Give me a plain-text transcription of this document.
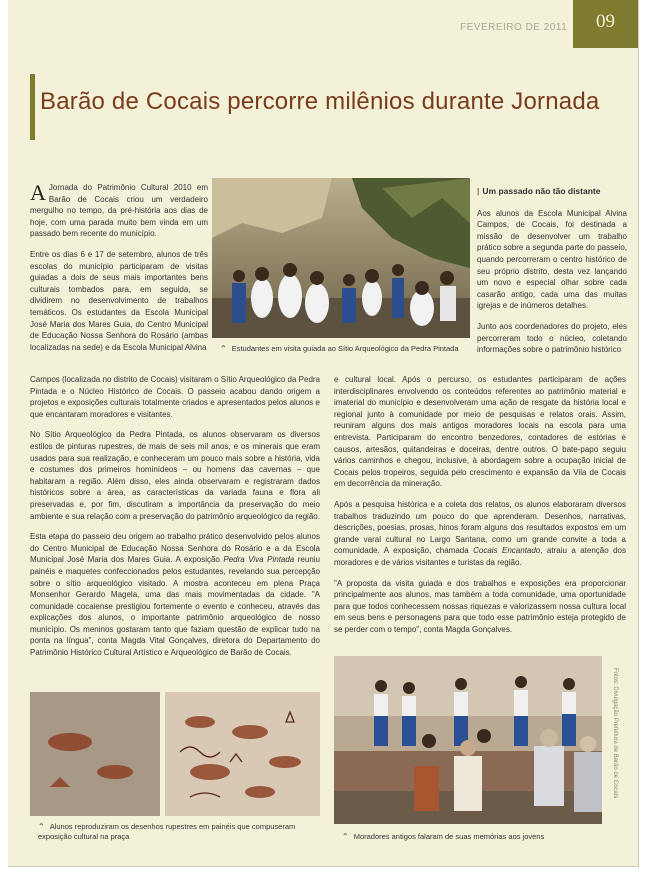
FEVEREIRO DE 2011	09
Barão de Cocais percorre milênios durante Jornada

A Jornada do Patrimônio Cultural 2010 em Barão de Cocais criou um verdadeiro mergulho no tempo, da pré-história aos dias de hoje, com uma parada muito bem vinda em um passado bem recente do município.

Entre os dias 6 e 17 de setembro, alunos de três escolas do município participaram de visitas guiadas a dois de seus mais importantes bens culturais tombados para, em seguida, se dividirem no desenvolvimento de trabalhos temáticos. Os estudantes da Escola Municipal José Maria dos Mares Guia, do Centro Municipal de Educação Nossa Senhora do Rosário (ambas localizadas na sede) e da Escola Municipal Alvina ⌃ Estudantes em visita guiada ao Sítio Arqueológico da Pedra Pintada

Campos (localizada no distrito de Cocais) visitaram o Sítio Arqueológico da Pedra Pintada e o Núcleo Histórico de Cocais. O passeio acabou dando origem a projetos e exposições culturais totalmente criados e apresentados pelos alunos e que encantaram moradores e visitantes.

No Sítio Arqueológico da Pedra Pintada, os alunos observaram os diversos estilos de pinturas rupestres, de mais de seis mil anos, e os minerais que eram usados para sua realização, e conheceram um pouco mais sobre a história, vida e costumes dos primeiros hominídeos – ou homens das cavernas – que habitaram a região. Além disso, eles ainda observaram e registraram dados históricos sobre a área, as características da variada fauna e flora ali preservadas e, por fim, discutiram a importância da preservação do meio ambiente e sua relação com a preservação do patrimônio arqueológico da região.

Esta etapa do passeio deu origem ao trabalho prático desenvolvido pelos alunos do Centro Municipal de Educação Nossa Senhora do Rosário e a da Escola Municipal José Maria dos Mares Guia. A exposição Pedra Viva Pintada reuniu painéis e maquetes confeccionados pelos estudantes, revelando sua percepção sobre o sítio arqueológico visitado. A mostra aconteceu em plena Praça Monsenhor Gerardo Magela, uma das mais movimentadas da cidade. "A comunidade cocaiense prestigiou fortemente o evento e conheceu, através das explicações dos alunos, o importante patrimônio arqueológico de nosso município. Os meninos gostaram tanto que faziam questão de explicar tudo na ponta na língua", conta Magda Vital Gonçalves, diretora do Departamento do Patrimônio Histórico Cultural Artístico e Arqueológico de Barão de Cocais.

| Um passado não tão distante

Aos alunos da Escola Municipal Alvina Campos, de Cocais, foi destinada a missão de desenvolver um trabalho prático sobre a segunda parte do passeio, quando percorreram o centro histórico de seu próprio distrito, desta vez lançando um novo e especial olhar sobre cada casarão antigo, cada uma das muitas igrejas e de inúmeros detalhes.

Junto aos coordenadores do projeto, eles percorreram todo o núcleo, coletando informações sobre o patrimônio histórico

e cultural local. Após o percurso, os estudantes participaram de ações interdisciplinares envolvendo os conteúdos referentes ao patrimônio material e imaterial do município e desenvolveram uma ação de resgate da história local e regional junto à comunidade por meio de pesquisas e relatos orais. Assim, reuniram alguns dos mais antigos moradores locais na escola para uma entrevista. Participaram do encontro benzedores, contadores de estórias e causos, artesãos, quitandeiras e doceiras, dentre outros. O bate-papo seguiu vários caminhos e chegou, inclusive, à abordagem sobre a ocupação inicial de Cocais pelos tropeiros, seguida pelo crescimento e expansão da Vila de Cocais em decorrência da mineração.

Após a pesquisa histórica e a coleta dos relatos, os alunos elaboraram diversos trabalhos traduzindo um pouco do que aprenderam. Desenhos, narrativas, descrições, poesias, prosas, hinos foram alguns dos resultados expostos em um grande varal cultural no Largo Santana, como um grande convite a toda a comunidade. A exposição, chamada Cocais Encantado, atraiu a atenção dos moradores e de vários visitantes e turistas da região.

"A proposta da visita guiada e dos trabalhos e exposições era proporcionar principalmente aos alunos, mas também a toda comunidade, uma oportunidade para que todos conhecessem nossas riquezas e valorizassem nossa cultura local em seus bens e personagens para que todo esse patrimônio esteja protegido de se perder com o tempo", conta Magda Gonçalves.

⌃ Alunos reproduziram os desenhos rupestres em painéis que compuseram exposição cultural na praça	⌃ Moradores antigos falaram de suas memórias aos jovens
Fotos: Divulgação Prefeitura de Barão de Cocais
